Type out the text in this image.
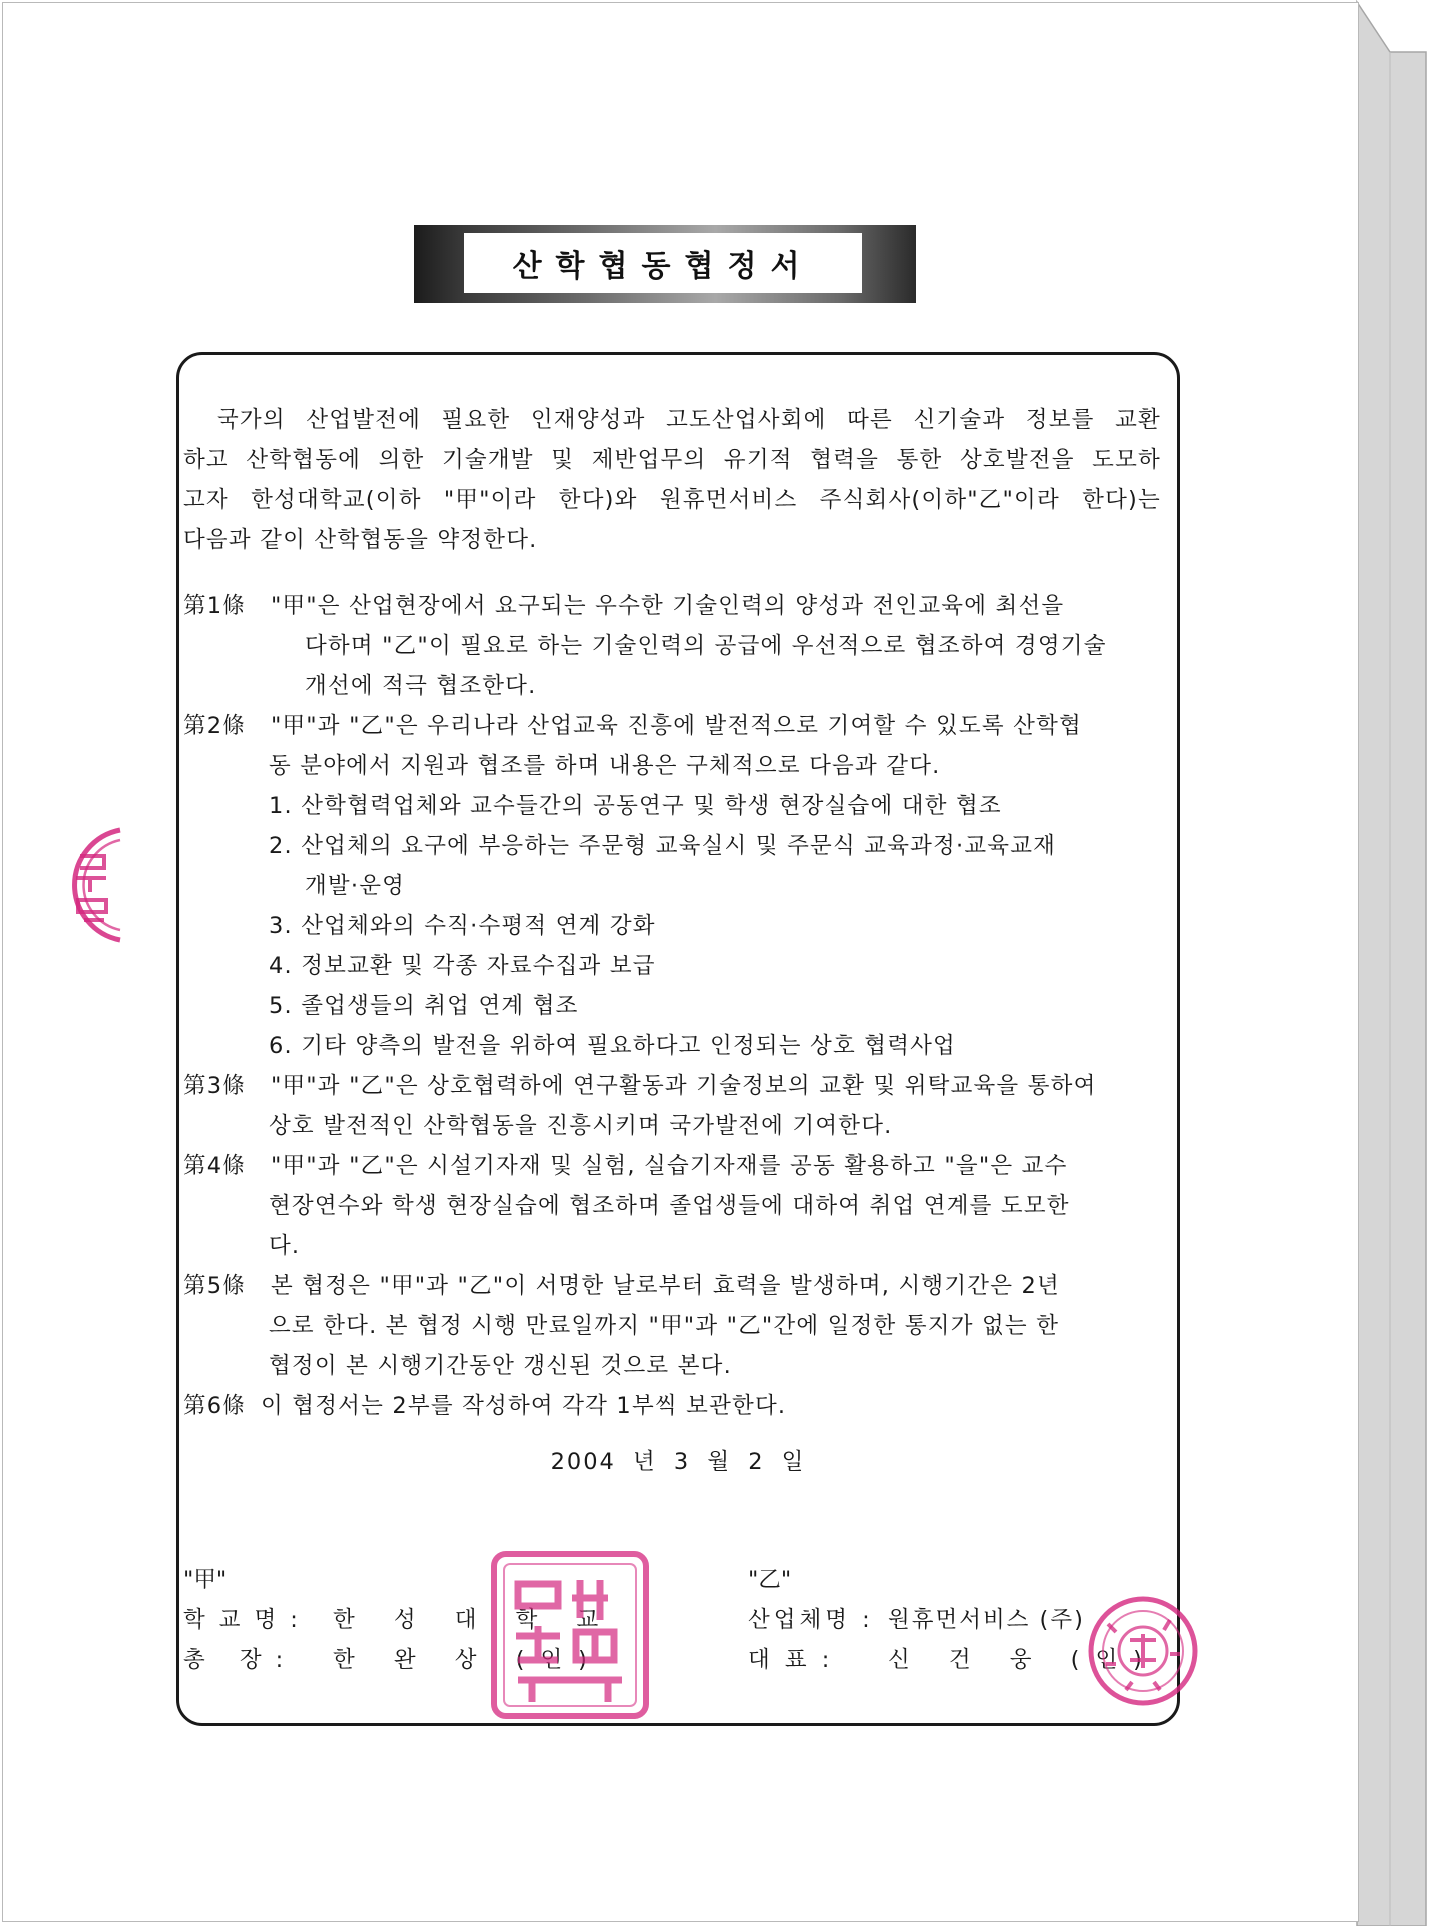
산학협동협정서
국가의 산업발전에 필요한 인재양성과 고도산업사회에 따른 신기술과 정보를 교환
하고 산학협동에 의한 기술개발 및 제반업무의 유기적 협력을 통한 상호발전을 도모하
고자 한성대학교(이하 "甲"이라 한다)와 원휴먼서비스 주식회사(이하"乙"이라 한다)는
다음과 같이 산학협동을 약정한다.
第1條 "甲"은 산업현장에서 요구되는 우수한 기술인력의 양성과 전인교육에 최선을
다하며 "乙"이 필요로 하는 기술인력의 공급에 우선적으로 협조하여 경영기술
개선에 적극 협조한다.
第2條 "甲"과 "乙"은 우리나라 산업교육 진흥에 발전적으로 기여할 수 있도록 산학협
동 분야에서 지원과 협조를 하며 내용은 구체적으로 다음과 같다.
1. 산학협력업체와 교수들간의 공동연구 및 학생 현장실습에 대한 협조
2. 산업체의 요구에 부응하는 주문형 교육실시 및 주문식 교육과정·교육교재
개발·운영
3. 산업체와의 수직·수평적 연계 강화
4. 정보교환 및 각종 자료수집과 보급
5. 졸업생들의 취업 연계 협조
6. 기타 양측의 발전을 위하여 필요하다고 인정되는 상호 협력사업
第3條 "甲"과 "乙"은 상호협력하에 연구활동과 기술정보의 교환 및 위탁교육을 통하여
상호 발전적인 산학협동을 진흥시키며 국가발전에 기여한다.
第4條 "甲"과 "乙"은 시설기자재 및 실험, 실습기자재를 공동 활용하고 "을"은 교수
현장연수와 학생 현장실습에 협조하며 졸업생들에 대하여 취업 연계를 도모한
다.
第5條 본 협정은 "甲"과 "乙"이 서명한 날로부터 효력을 발생하며, 시행기간은 2년
으로 한다. 본 협정 시행 만료일까지 "甲"과 "乙"간에 일정한 통지가 없는 한
협정이 본 시행기간동안 갱신된 것으로 본다.
第6條 이 협정서는 2부를 작성하여 각각 1부씩 보관한다.
2004 년 3 월 2 일
"甲"
학교명: 한 성 대 학 교
총 장: 한 완 상 (인)
"乙"
산업체명 : 원휴먼서비스 (주)
대 표 : 신 건 웅 (인)
